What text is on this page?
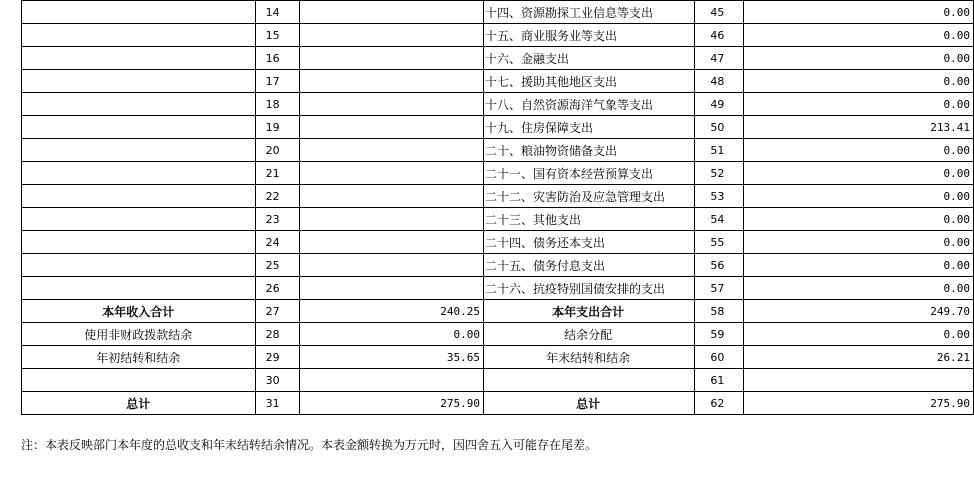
	14		十四、资源勘探工业信息等支出	45	0.00
	15		十五、商业服务业等支出	46	0.00
	16		十六、金融支出	47	0.00
	17		十七、援助其他地区支出	48	0.00
	18		十八、自然资源海洋气象等支出	49	0.00
	19		十九、住房保障支出	50	213.41
	20		二十、粮油物资储备支出	51	0.00
	21		二十一、国有资本经营预算支出	52	0.00
	22		二十二、灾害防治及应急管理支出	53	0.00
	23		二十三、其他支出	54	0.00
	24		二十四、债务还本支出	55	0.00
	25		二十五、债务付息支出	56	0.00
	26		二十六、抗疫特别国债安排的支出	57	0.00
本年收入合计	27	240.25	本年支出合计	58	249.70
使用非财政拨款结余	28	0.00	结余分配	59	0.00
年初结转和结余	29	35.65	年末结转和结余	60	26.21
	30			61	
总计	31	275.90	总计	62	275.90
注：本表反映部门本年度的总收支和年末结转结余情况。本表金额转换为万元时，因四舍五入可能存在尾差。
